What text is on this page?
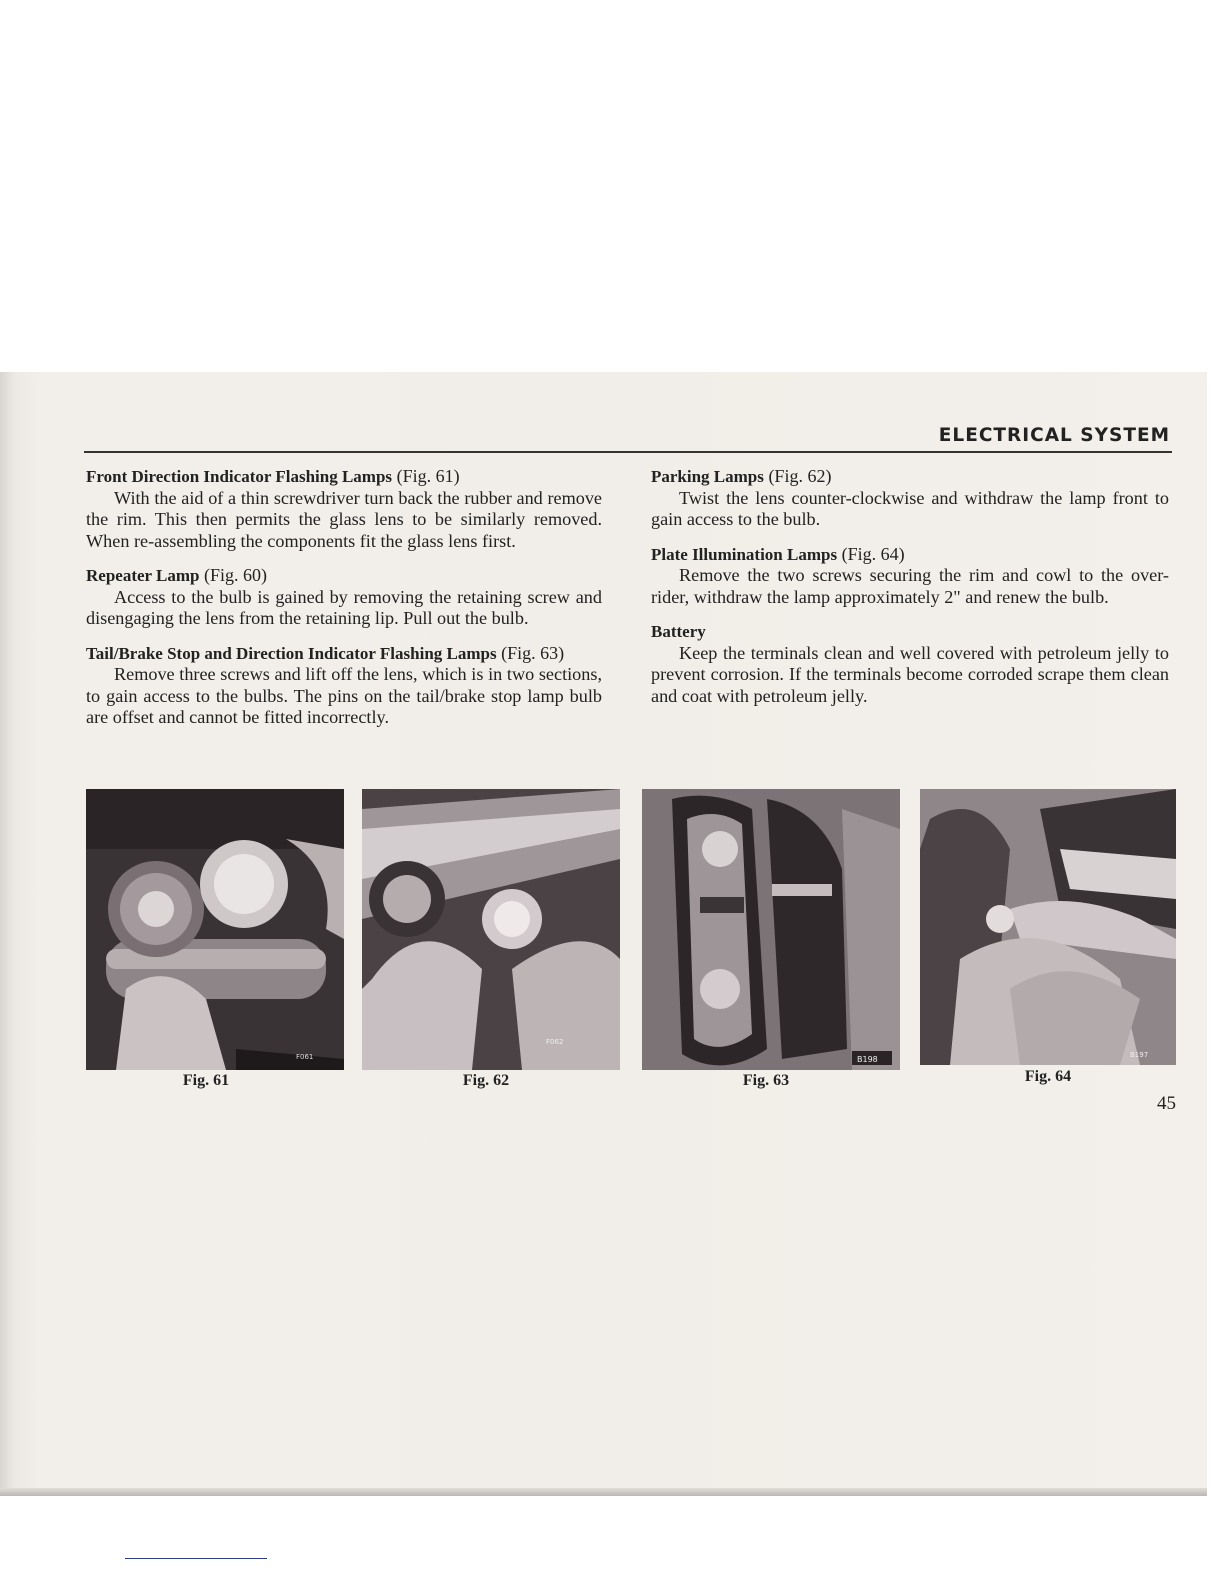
ELECTRICAL SYSTEM
Front Direction Indicator Flashing Lamps (Fig. 61)

With the aid of a thin screwdriver turn back the rubber and remove the rim. This then permits the glass lens to be similarly removed. When re-assembling the components fit the glass lens first.

Repeater Lamp (Fig. 60)

Access to the bulb is gained by removing the retaining screw and disengaging the lens from the retaining lip. Pull out the bulb.

Tail/Brake Stop and Direction Indicator Flashing Lamps (Fig. 63)

Remove three screws and lift off the lens, which is in two sections, to gain access to the bulbs. The pins on the tail/brake stop lamp bulb are offset and cannot be fitted incorrectly.

Parking Lamps (Fig. 62)

Twist the lens counter-clockwise and withdraw the lamp front to gain access to the bulb.

Plate Illumination Lamps (Fig. 64)

Remove the two screws securing the rim and cowl to the over-rider, withdraw the lamp approximately 2" and renew the bulb.

Battery

Keep the terminals clean and well covered with petroleum jelly to prevent corrosion. If the terminals become corroded scrape them clean and coat with petroleum jelly.

F061
Fig. 61
F062
Fig. 62
B198
Fig. 63
B197
Fig. 64
45
